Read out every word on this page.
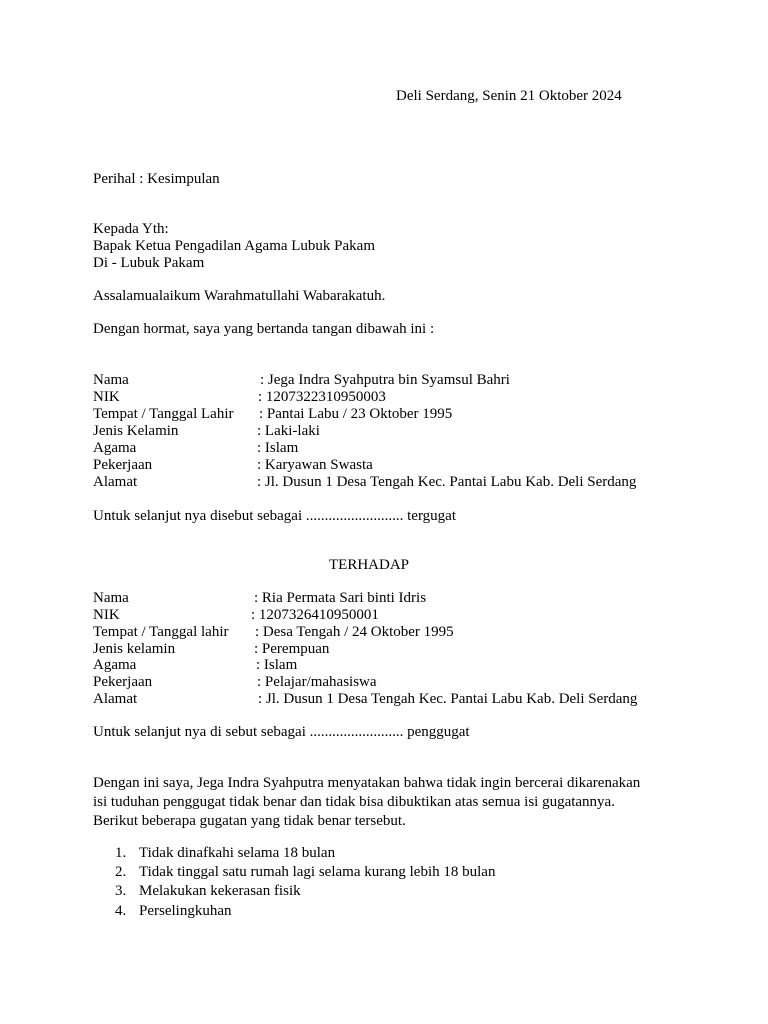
Deli Serdang, Senin 21 Oktober 2024
Perihal : Kesimpulan
Kepada Yth:
Bapak Ketua Pengadilan Agama Lubuk Pakam
Di - Lubuk Pakam
Assalamualaikum Warahmatullahi Wabarakatuh.
Dengan hormat, saya yang bertanda tangan dibawah ini :
Nama	: Jega Indra Syahputra bin Syamsul Bahri
NIK	: 1207322310950003
Tempat / Tanggal Lahir : Pantai Labu / 23 Oktober 1995
Jenis Kelamin	: Laki-laki
Agama	: Islam
Pekerjaan	: Karyawan Swasta
Alamat	: Jl. Dusun 1 Desa Tengah Kec. Pantai Labu Kab. Deli Serdang
Untuk selanjut nya disebut sebagai .......................... tergugat
TERHADAP
Nama	: Ria Permata Sari binti Idris
NIK	: 1207326410950001
Tempat / Tanggal lahir : Desa Tengah / 24 Oktober 1995
Jenis kelamin	: Perempuan
Agama	: Islam
Pekerjaan	: Pelajar/mahasiswa
Alamat	: Jl. Dusun 1 Desa Tengah Kec. Pantai Labu Kab. Deli Serdang
Untuk selanjut nya di sebut sebagai ......................... penggugat
Dengan ini saya, Jega Indra Syahputra menyatakan bahwa tidak ingin bercerai dikarenakan
isi tuduhan penggugat tidak benar dan tidak bisa dibuktikan atas semua isi gugatannya.
Berikut beberapa gugatan yang tidak benar tersebut.
1. Tidak dinafkahi selama 18 bulan
2. Tidak tinggal satu rumah lagi selama kurang lebih 18 bulan
3. Melakukan kekerasan fisik
4. Perselingkuhan
